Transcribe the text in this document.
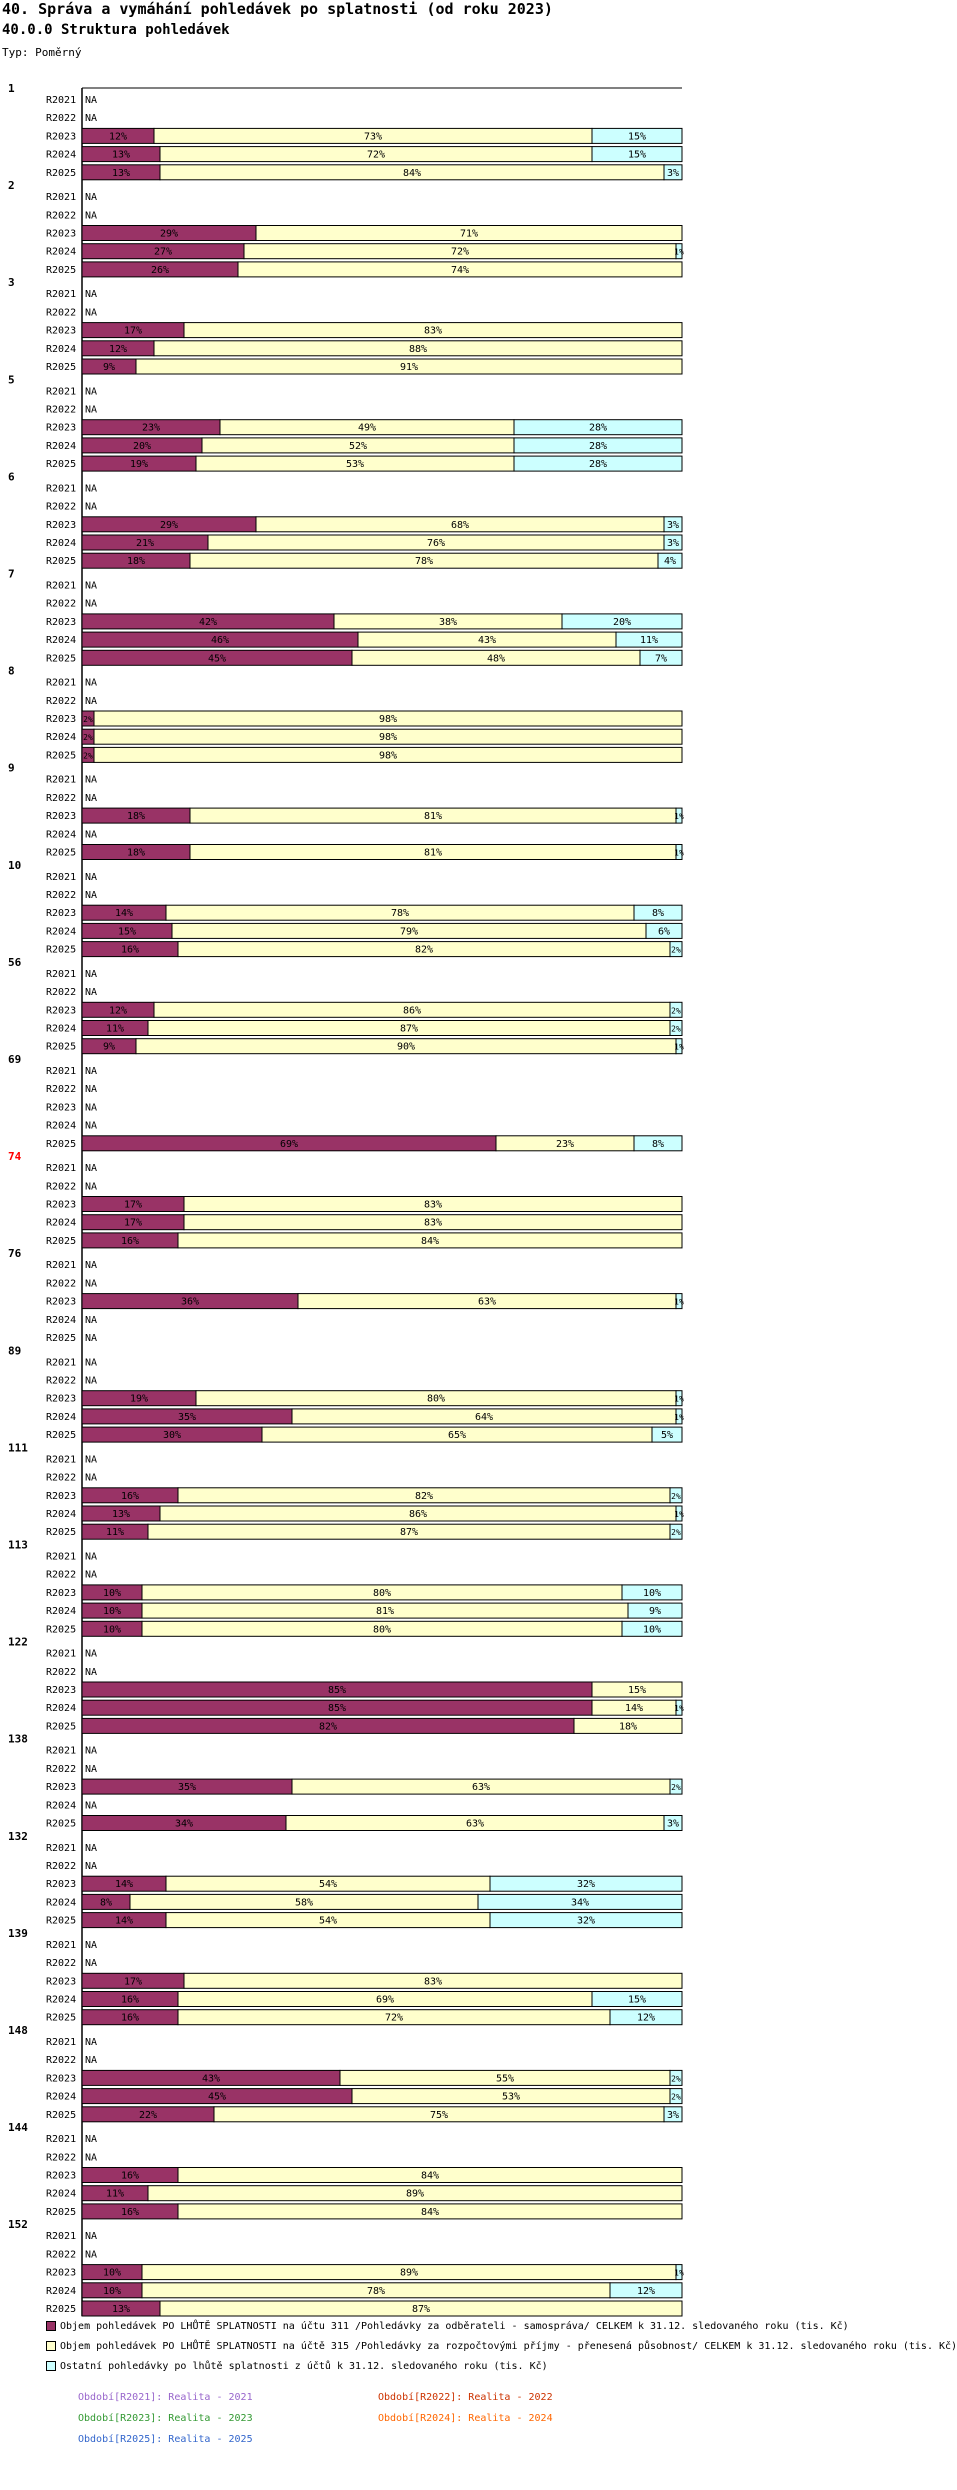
40. Správa a vymáhání pohledávek po splatnosti (od roku 2023)
40.0.0 Struktura pohledávek
Typ: Poměrný
1
R2021 NA
R2022 NA
R2023	12%	73%	15%
R2024	13%	72%	15%
R2025	13%	84%	3%
2
R2021 NA
R2022 NA
R2023	29%	71%
R2024	27%	72%	1%
R2025	26%	74%
3
R2021 NA
R2022 NA
R2023	17%	83%
R2024	12%	88%
R2025	9%	91%
5
R2021 NA
R2022 NA
R2023	23%	49%	28%
R2024	20%	52%	28%
R2025	19%	53%	28%
6
R2021 NA
R2022 NA
R2023	29%	68%	3%
R2024	21%	76%	3%
R2025	18%	78%	4%
7
R2021 NA
R2022 NA
R2023	42%	38%	20%
R2024	46%	43%	11%
R2025	45%	48%	7%
8
R2021 NA
R2022 NA
R2023 2%	98%
R2024 2%	98%
R2025 2%	98%
9
R2021 NA
R2022 NA
R2023	18%	81%	1%
R2024 NA
R2025	18%	81%	1%
10
R2021 NA
R2022 NA
R2023	14%	78%	8%
R2024	15%	79%	6%
R2025	16%	82%	2%
56
R2021 NA
R2022 NA
R2023	12%	86%	2%
R2024	11%	87%	2%
R2025	9%	90%	1%
69
R2021 NA
R2022 NA
R2023 NA
R2024 NA
R2025	69%	23%	8%
74
R2021 NA
R2022 NA
R2023	17%	83%
R2024	17%	83%
R2025	16%	84%
76
R2021 NA
R2022 NA
R2023	36%	63%	1%
R2024 NA
R2025 NA
89
R2021 NA
R2022 NA
R2023	19%	80%	1%
R2024	35%	64%	1%
R2025	30%	65%	5%
111
R2021 NA
R2022 NA
R2023	16%	82%	2%
R2024	13%	86%	1%
R2025	11%	87%	2%
113
R2021 NA
R2022 NA
R2023	10%	80%	10%
R2024	10%	81%	9%
R2025	10%	80%	10%
122
R2021 NA
R2022 NA
R2023	85%	15%
R2024	85%	14%	1%
R2025	82%	18%
138
R2021 NA
R2022 NA
R2023	35%	63%	2%
R2024 NA
R2025	34%	63%	3%
132
R2021 NA
R2022 NA
R2023	14%	54%	32%
R2024 8%	58%	34%
R2025	14%	54%	32%
139
R2021 NA
R2022 NA
R2023	17%	83%
R2024	16%	69%	15%
R2025	16%	72%	12%
148
R2021 NA
R2022 NA
R2023	43%	55%	2%
R2024	45%	53%	2%
R2025	22%	75%	3%
144
R2021 NA
R2022 NA
R2023	16%	84%
R2024	11%	89%
R2025	16%	84%
152
R2021 NA
R2022 NA
R2023	10%	89%	1%
R2024	10%	78%	12%
R2025	13%	87%
Objem pohledávek PO LHŮTĚ SPLATNOSTI na účtu 311 /Pohledávky za odběrateli - samospráva/ CELKEM k 31.12. sledovaného roku (tis. Kč)
Objem pohledávek PO LHŮTĚ SPLATNOSTI na účtě 315 /Pohledávky za rozpočtovými příjmy - přenesená působnost/ CELKEM k 31.12. sledovaného roku (tis. Kč)
Ostatní pohledávky po lhůtě splatnosti z účtů k 31.12. sledovaného roku (tis. Kč)
Období[R2021]: Realita - 2021	Období[R2022]: Realita - 2022
Období[R2023]: Realita - 2023	Období[R2024]: Realita - 2024
Období[R2025]: Realita - 2025
